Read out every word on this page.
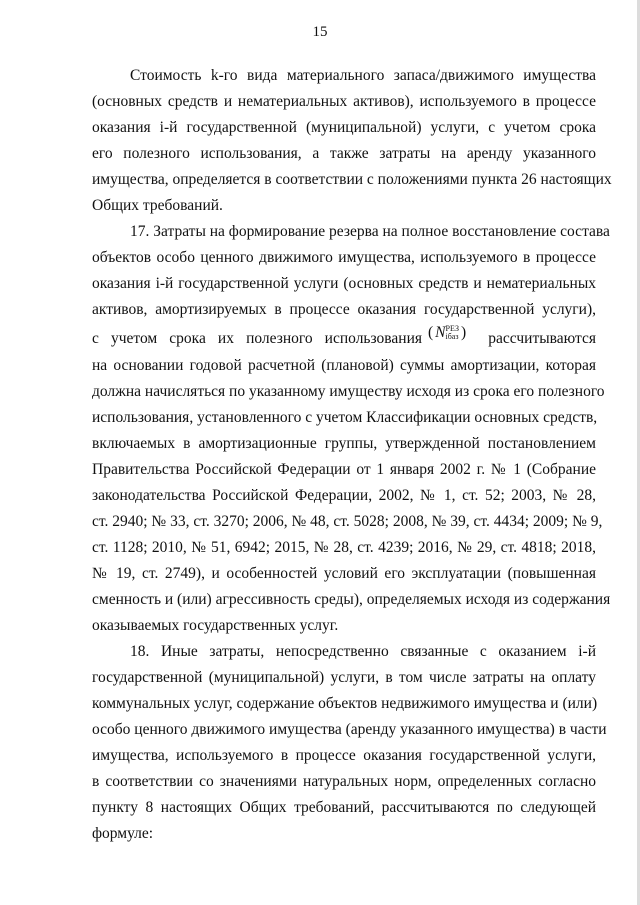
15
Стоимость k-го вида материального запаса/движимого имущества
(основных средств и нематериальных активов), используемого в процессе
оказания i-й государственной (муниципальной) услуги, с учетом срока
его полезного использования, а также затраты на аренду указанного
имущества, определяется в соответствии с положениями пункта 26 настоящих
Общих требований.
17. Затраты на формирование резерва на полное восстановление состава
объектов особо ценного движимого имущества, используемого в процессе
оказания i-й государственной услуги (основных средств и нематериальных
активов, амортизируемых в процессе оказания государственной услуги),
с учетом срока их полезного использования ( N РЕЗ
iбаз ) рассчитываются
на основании годовой расчетной (плановой) суммы амортизации, которая
должна начисляться по указанному имуществу исходя из срока его полезного
использования, установленного с учетом Классификации основных средств,
включаемых в амортизационные группы, утвержденной постановлением
Правительства Российской Федерации от 1 января 2002 г. № 1 (Собрание
законодательства Российской Федерации, 2002, № 1, ст. 52; 2003, № 28,
ст. 2940; № 33, ст. 3270; 2006, № 48, ст. 5028; 2008, № 39, ст. 4434; 2009; № 9,
ст. 1128; 2010, № 51, 6942; 2015, № 28, ст. 4239; 2016, № 29, ст. 4818; 2018,
№ 19, ст. 2749), и особенностей условий его эксплуатации (повышенная
сменность и (или) агрессивность среды), определяемых исходя из содержания
оказываемых государственных услуг.
18. Иные затраты, непосредственно связанные с оказанием i-й
государственной (муниципальной) услуги, в том числе затраты на оплату
коммунальных услуг, содержание объектов недвижимого имущества и (или)
особо ценного движимого имущества (аренду указанного имущества) в части
имущества, используемого в процессе оказания государственной услуги,
в соответствии со значениями натуральных норм, определенных согласно
пункту 8 настоящих Общих требований, рассчитываются по следующей
формуле:
